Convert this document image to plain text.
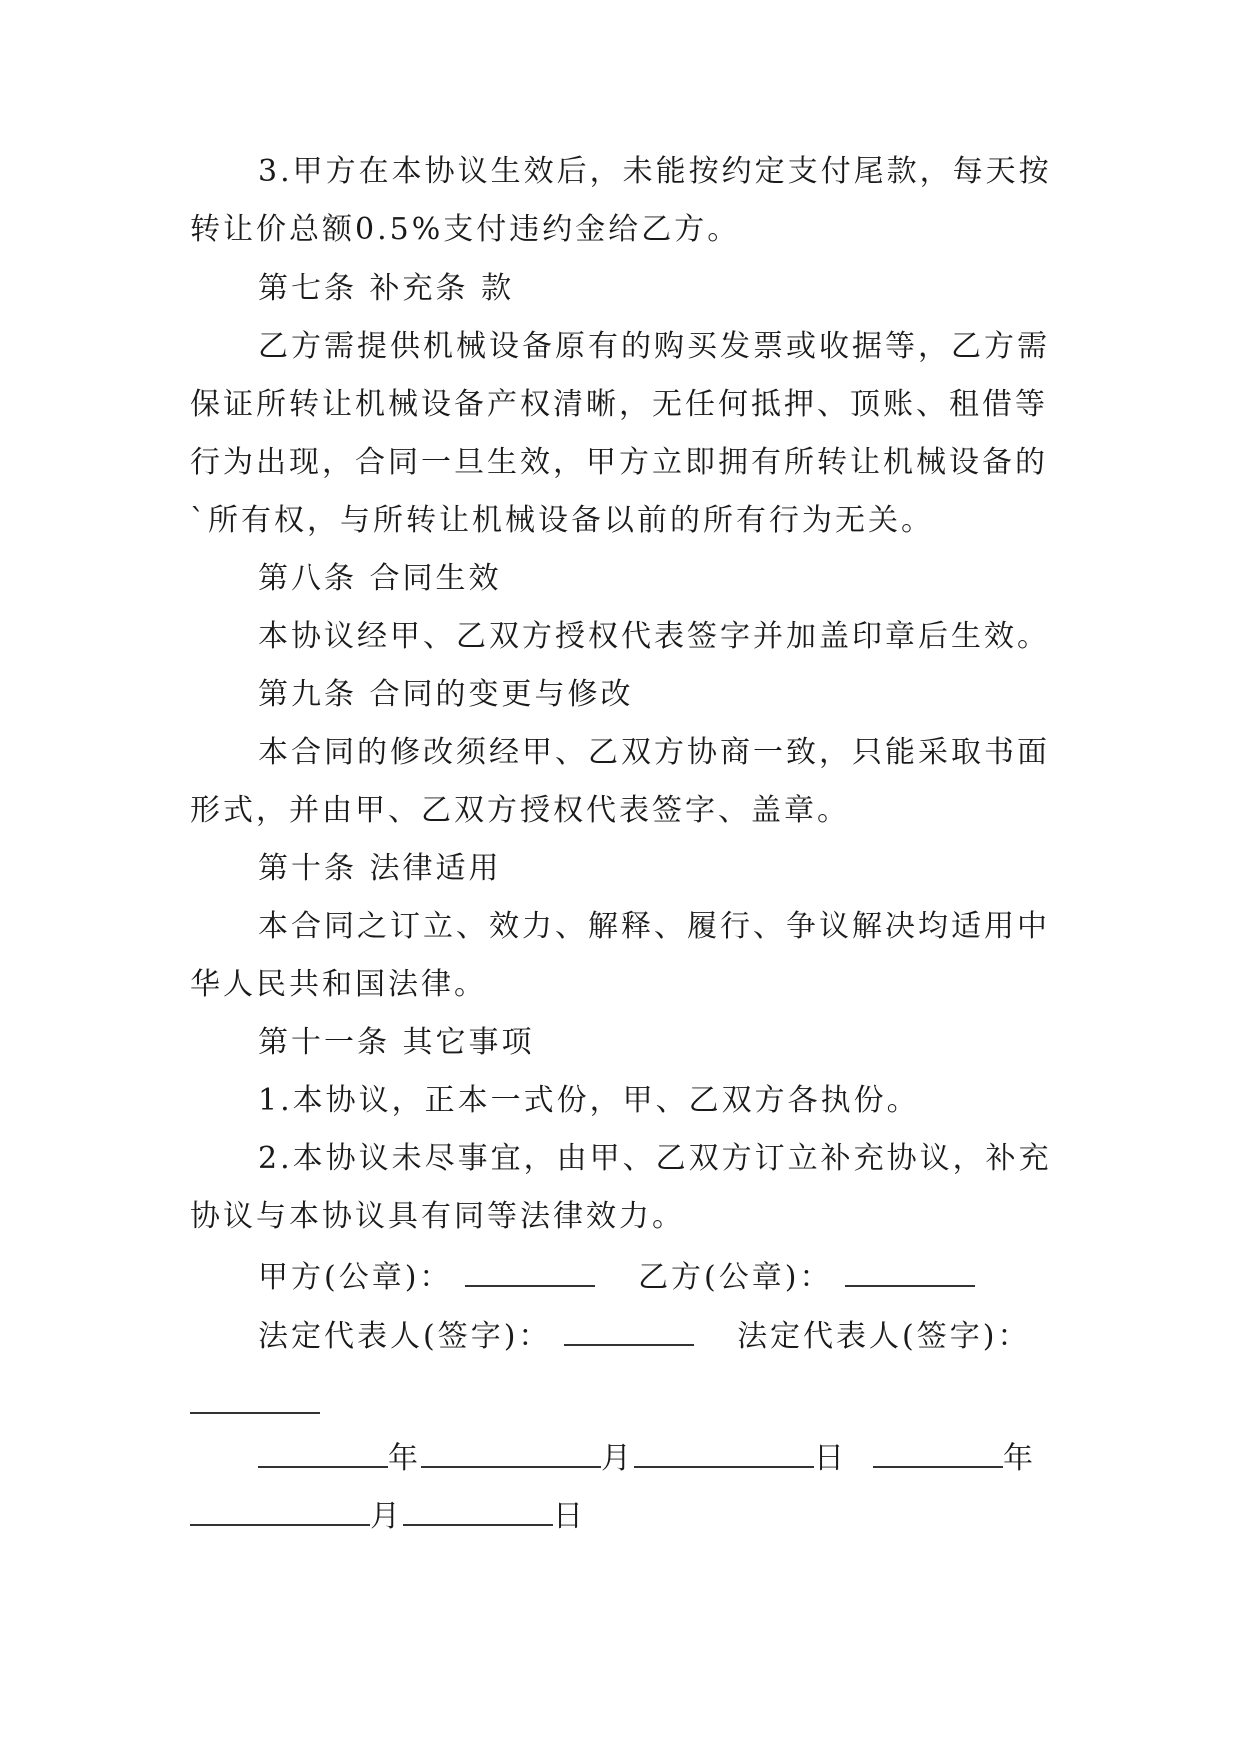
3.甲方在本协议生效后，未能按约定支付尾款，每天按
转让价总额0.5%支付违约金给乙方。
第七条 补充条 款
乙方需提供机械设备原有的购买发票或收据等，乙方需
保证所转让机械设备产权清晰，无任何抵押、顶账、租借等
行为出现，合同一旦生效，甲方立即拥有所转让机械设备的
`所有权，与所转让机械设备以前的所有行为无关。
第八条 合同生效
本协议经甲、乙双方授权代表签字并加盖印章后生效。
第九条 合同的变更与修改
本合同的修改须经甲、乙双方协商一致，只能采取书面
形式，并由甲、乙双方授权代表签字、盖章。
第十条 法律适用
本合同之订立、效力、解释、履行、争议解决均适用中
华人民共和国法律。
第十一条 其它事项
1.本协议，正本一式份，甲、乙双方各执份。
2.本协议未尽事宜，由甲、乙双方订立补充协议，补充
协议与本协议具有同等法律效力。
甲方(公章)：	乙方(公章)：
法定代表人(签字)：	法定代表人(签字)：
年	月	日	年
月	日
